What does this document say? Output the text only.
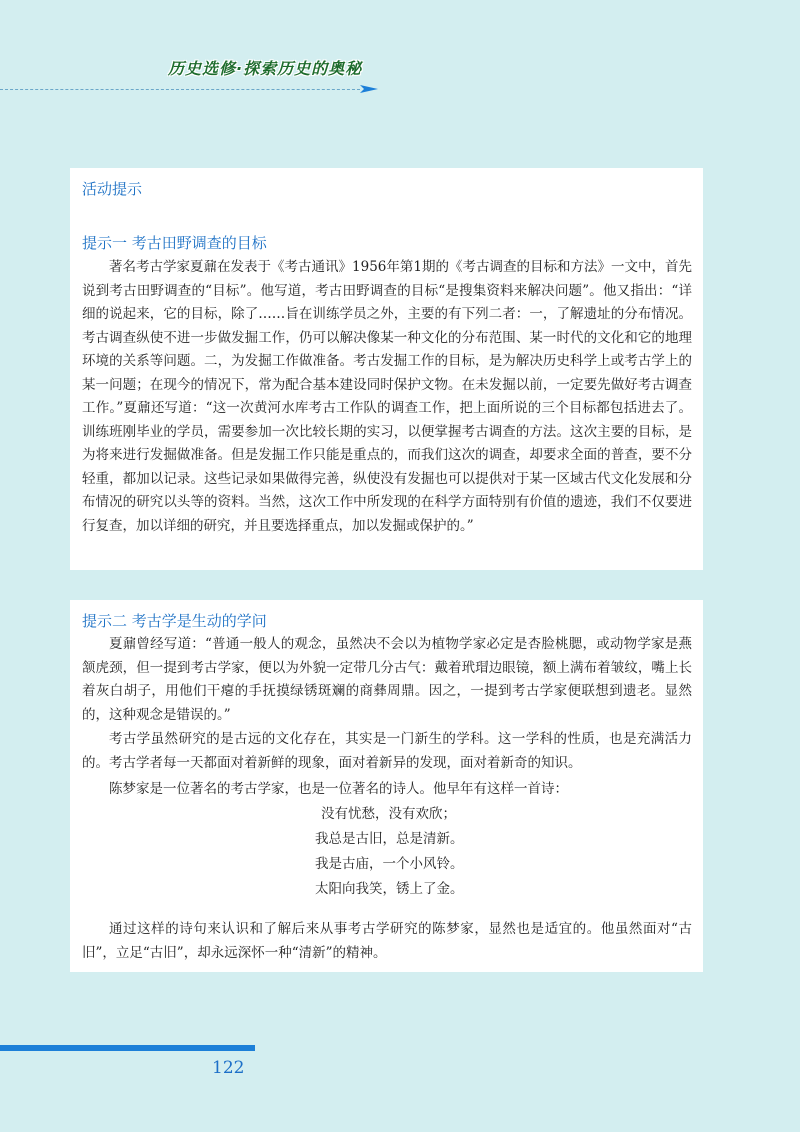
历史选修·探索历史的奥秘
活动提示
提示一 考古田野调查的目标

著名考古学家夏鼐在发表于《考古通讯》1956年第1期的《考古调查的目标和方法》一文中，首先说到考古田野调查的“目标”。他写道，考古田野调查的目标“是搜集资料来解决问题”。他又指出：“详细的说起来，它的目标，除了……旨在训练学员之外，主要的有下列二者：一，了解遗址的分布情况。考古调查纵使不进一步做发掘工作，仍可以解决像某一种文化的分布范围、某一时代的文化和它的地理环境的关系等问题。二，为发掘工作做准备。考古发掘工作的目标，是为解决历史科学上或考古学上的某一问题；在现今的情况下，常为配合基本建设同时保护文物。在未发掘以前，一定要先做好考古调查工作。”夏鼐还写道：“这一次黄河水库考古工作队的调查工作，把上面所说的三个目标都包括进去了。训练班刚毕业的学员，需要参加一次比较长期的实习，以便掌握考古调查的方法。这次主要的目标，是为将来进行发掘做准备。但是发掘工作只能是重点的，而我们这次的调查，却要求全面的普查，要不分轻重，都加以记录。这些记录如果做得完善，纵使没有发掘也可以提供对于某一区域古代文化发展和分布情况的研究以头等的资料。当然，这次工作中所发现的在科学方面特别有价值的遗迹，我们不仅要进行复查，加以详细的研究，并且要选择重点，加以发掘或保护的。”

提示二 考古学是生动的学问

夏鼐曾经写道：“普通一般人的观念，虽然决不会以为植物学家必定是杏脸桃腮，或动物学家是燕颔虎颈，但一提到考古学家，便以为外貌一定带几分古气：戴着玳瑁边眼镜，额上满布着皱纹，嘴上长着灰白胡子，用他们干瘪的手抚摸绿锈斑斓的商彝周鼎。因之，一提到考古学家便联想到遗老。显然的，这种观念是错误的。”

考古学虽然研究的是古远的文化存在，其实是一门新生的学科。这一学科的性质，也是充满活力的。考古学者每一天都面对着新鲜的现象，面对着新异的发现，面对着新奇的知识。

陈梦家是一位著名的考古学家，也是一位著名的诗人。他早年有这样一首诗：

没有忧愁，没有欢欣；
我总是古旧，总是清新。
我是古庙，一个小风铃。
太阳向我笑，锈上了金。

通过这样的诗句来认识和了解后来从事考古学研究的陈梦家，显然也是适宜的。他虽然面对“古旧”，立足“古旧”，却永远深怀一种“清新”的精神。

122
